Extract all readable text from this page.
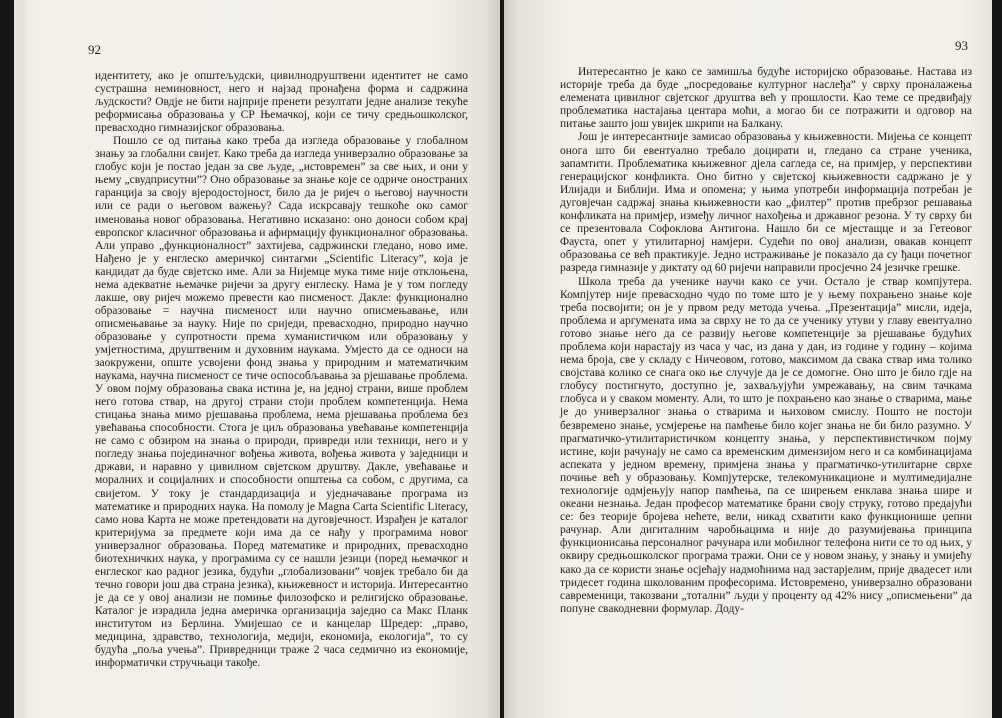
92

идентитету, ако је општељудски, цивилнодруштвени идентитет не само сустрашна неминовност, него и најзад пронађена форма и садржина људскости? Овдје не бити најприје пренети резултати једне анализе текуће реформисања образовања у СР Њемачкој, који се тичу средњошколског, превасходно гимназијског образовања.

Пошло се од питања како треба да изгледа образовање у глобалном знању за глобални свијет. Како треба да изгледа универзално образовање за глобус који је постао један за све људе, „истовремен” за све њих, и они у њему „свудприсутни”? Оно образовање за знање које се одриче онострaних гаранција за своју вјеродостојност, било да је ријеч о његовој научности или се ради о његовом важењу? Сада искрсавају тешкоће око самог именовања новог образовања. Негативно исказано: оно доноси собом крај европског класичног образовања и афирмацију функционалног образовања. Али управо „функционалност” захтијева, садржински гледано, ново име. Нађено је у енглеско америчкој синтагми „Scientific Literacy”, која је кандидат да буде свјетско име. Али за Нијемце мука тиме није отклоњена, нема адекватне њемачке ријечи за другу енглеску. Нама је у том погледу лакше, ову ријеч можемо превести као писменост. Дакле: функционално образовање = научна писменост или научно описмењавање, или описмењавање за науку. Није по сриједи, превасходно, природно научно образовање у супротности према хуманистичком или образовању у умјетностима, друштвеним и духовним наукама. Умјесто да се односи на заокружени, опште усвојени фонд знања у природним и математичким наукама, научна писменост се тиче оспособљавања за рјешавање проблема. У овом појму образовања свака истина је, на једној страни, више проблем него готова ствар, на другој страни стоји проблем компетенција. Нема стицања знања мимо рјешавања проблема, нема рјешавања проблема без увећавања способности. Стога је циљ образовања увећавање компетенција не само с обзиром на знања о природи, привреди или техници, него и у погледу знања појединачног вођења живота, вођења живота у заједници и држави, и наравно у цивилном свјетском друштву. Дакле, увећавање и моралних и социјалних и способности општења са собом, с другима, са свијетом. У току је стандардизација и уједначавање програма из математике и природних наука. На помолу је Magna Carta Scientific Literacy, само нова Карта не може претендовати на дуговјечност. Израђен је каталог критеријума за предмете који има да се нађу у програмима новог универзалног образовања. Поред математике и природних, превасходно биотехничких наука, у програмима су се нашли језици (поред њемачког и енглеског као радног језика, будући „глобализовани” човјек требало би да течно говори још два страна језика), књижевност и историја. Интересантно је да се у овој анализи не помиње филозофско и религијско образовање. Каталог је израдила једна америчка организација заједно са Макс Планк институтом из Берлина. Умијешао се и канцелар Шредер: „право, медицина, здравство, технологија, медији, економија, екологија”, то су будућа „поља учења”. Привредници траже 2 часа седмично из економије, информатички стручњаци такође.

93

Интересантно је како се замишља будуће историјско образовање. Настава из историје треба да буде „посредовање културног наслеђа” у сврху проналажења елемената цивилног свјетског друштва већ у прошлости. Као теме се предвиђају проблематика настајања центара моћи, а могао би се потражити и одговор на питање зашто још увијек шкрипи на Балкану.

Још је интересантније замисао образовања у књижевности. Мијења се концепт онога што би евентуално требало доцирати и, гледано са стране ученика, запамтити. Проблематика књижевног дјела сагледа се, на примјер, у перспективи генерацијског конфликта. Оно битно у свјетској књижевности садржано је у Илијади и Библији. Има и опомена; у њима употреби информација потребан је дуговјечан садржај знања књижевности као „филтер” против пребрзог решавања конфликата на примјер, између личног нахођења и државног резона. У ту сврху би се презентовала Софоклова Антигона. Нашло би се мјестащце и за Гетеовог Фауста, опет у утилитарној намјери. Судећи по овој анализи, овакав концепт образовања се већ практикује. Једно истраживање је показало да су ђаци почетног разреда гимназије у диктату од 60 ријечи направили просјечно 24 језичке грешке.

Школа треба да ученике научи како се учи. Остало је ствар компјутера. Компјутер није превасходно чудо по томе што је у њему похрањено знање које треба посвојити; он је у првом реду метода учења. „Презентација” мисли, идеја, проблема и аргумената има за сврху не то да се ученику утуви у главу евентуално готово знање него да се развију његове компетенције за рјешавање будућих проблема који нарастају из часа у час, из дана у дан, из године у годину – којима нема броја, све у складу с Ничеовом, готово, максимом да свака ствар има толико својстава колико се снага око ње случује да је се домогне. Оно што је било гдје на глобусу постигнуто, доступно је, захваљујући умрежавању, на свим тачкама глобуса и у сваком моменту. Али, то што је похрањено као знање о стварима, мање је до универзалног знања о стварима и њиховом смислу. Пошто не постоји безвремено знање, усмјерење на памћење било којег знања не би било разумно. У прагматичко-утилитаристичком концепту знања, у перспективистичком појму истине, који рачунају не само са временским димензијом него и са комбинацијама аспеката у једном времену, примјена знања у прагматичко-утилитарне сврхе почиње већ у образовању. Компјутерске, телекомуникационе и мултимедијалне технологије одмјењују напор памћења, па се ширењем енклава знања шире и океани незнања. Један професор математике брани своју струку, готово предајући се: без теорије бројева нећете, вели, никад схватити како функционише џепни рачунар. Али дигиталним чаробњацима и није до разумијевања принципа функционисања персоналног рачунара или мобилног телефона нити се то од њих, у оквиру средњошколског програма тражи. Они се у новом знању, у знању и умијећу како да се користи знање осјећају надмоћнима над застарјелим, прије двадесет или тридесет година школованим професорима. Истовремено, универзално образовани савременици, такозвани „тотални” људи у проценту од 42% нису „описмењени” да попуне свакодневни формулар. Доду-
